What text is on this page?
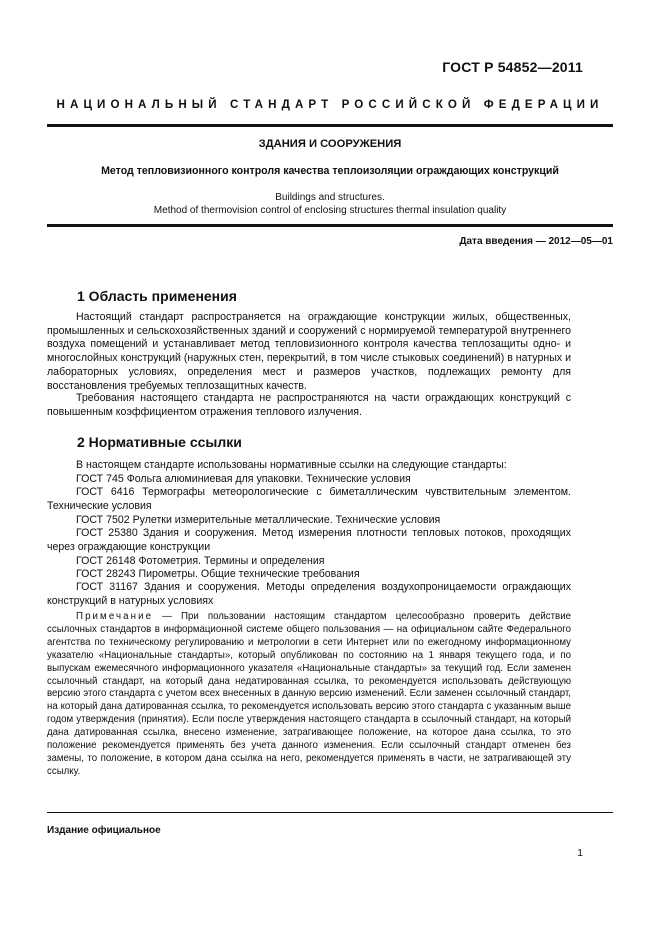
ГОСТ Р 54852—2011
НАЦИОНАЛЬНЫЙ СТАНДАРТ РОССИЙСКОЙ ФЕДЕРАЦИИ
ЗДАНИЯ И СООРУЖЕНИЯ
Метод тепловизионного контроля качества теплоизоляции ограждающих конструкций
Buildings and structures.
Method of thermovision control of enclosing structures thermal insulation quality
Дата введения — 2012—05—01
1 Область применения
Настоящий стандарт распространяется на ограждающие конструкции жилых, общественных, промышленных и сельскохозяйственных зданий и сооружений с нормируемой температурой внутреннего воздуха помещений и устанавливает метод тепловизионного контроля качества теплозащиты одно- и многослойных конструкций (наружных стен, перекрытий, в том числе стыковых соединений) в натурных и лабораторных условиях, определения мест и размеров участков, подлежащих ремонту для восстановления требуемых теплозащитных качеств.
Требования настоящего стандарта не распространяются на части ограждающих конструкций с повышенным коэффициентом отражения теплового излучения.
2 Нормативные ссылки
В настоящем стандарте использованы нормативные ссылки на следующие стандарты:
ГОСТ 745 Фольга алюминиевая для упаковки. Технические условия
ГОСТ 6416 Термографы метеорологические с биметаллическим чувствительным элементом. Технические условия
ГОСТ 7502 Рулетки измерительные металлические. Технические условия
ГОСТ 25380 Здания и сооружения. Метод измерения плотности тепловых потоков, проходящих через ограждающие конструкции
ГОСТ 26148 Фотометрия. Термины и определения
ГОСТ 28243 Пирометры. Общие технические требования
ГОСТ 31167 Здания и сооружения. Методы определения воздухопроницаемости ограждающих конструкций в натурных условиях
Примечание — При пользовании настоящим стандартом целесообразно проверить действие ссылочных стандартов в информационной системе общего пользования — на официальном сайте Федерального агентства по техническому регулированию и метрологии в сети Интернет или по ежегодному информационному указателю «Национальные стандарты», который опубликован по состоянию на 1 января текущего года, и по выпускам ежемесячного информационного указателя «Национальные стандарты» за текущий год. Если заменен ссылочный стандарт, на который дана недатированная ссылка, то рекомендуется использовать действующую версию этого стандарта с учетом всех внесенных в данную версию изменений. Если заменен ссылочный стандарт, на который дана датированная ссылка, то рекомендуется использовать версию этого стандарта с указанным выше годом утверждения (принятия). Если после утверждения настоящего стандарта в ссылочный стандарт, на который дана датированная ссылка, внесено изменение, затрагивающее положение, на которое дана ссылка, то это положение рекомендуется применять без учета данного изменения. Если ссылочный стандарт отменен без замены, то положение, в котором дана ссылка на него, рекомендуется применять в части, не затрагивающей эту ссылку.
Издание официальное
1
